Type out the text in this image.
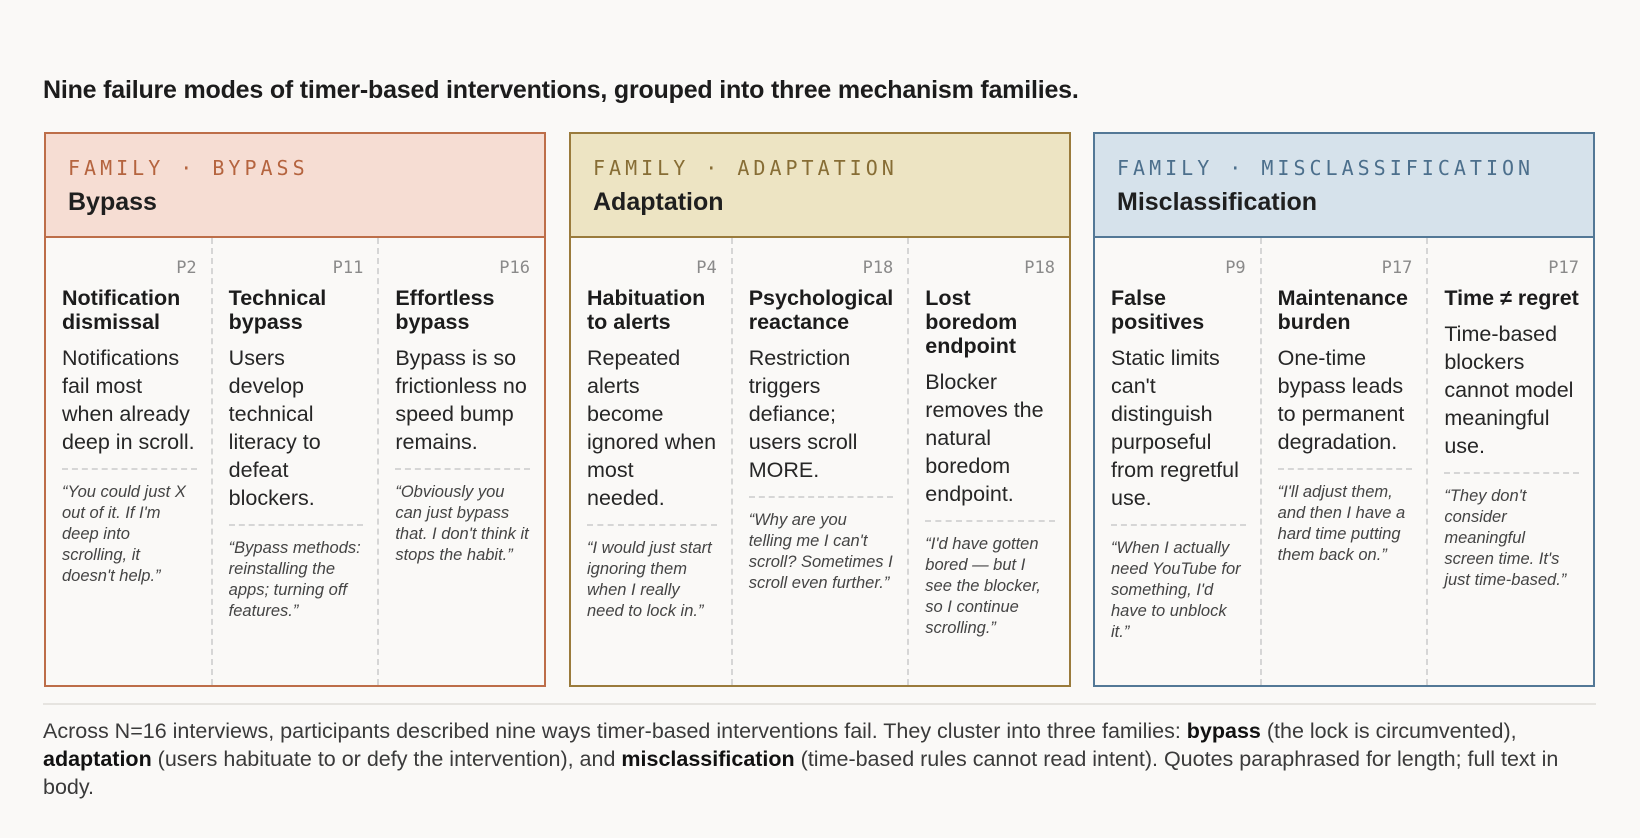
Nine failure modes of timer-based interventions, grouped into three mechanism families.
FAMILY · BYPASS
Bypass
P2
Notification dismissal
Notifications fail most when already deep in scroll.
“You could just X out of it. If I'm deep into scrolling, it doesn't help.”
P11
Technical bypass
Users develop technical literacy to defeat blockers.
“Bypass methods: reinstalling the apps; turning off features.”
P16
Effortless bypass
Bypass is so frictionless no speed bump remains.
“Obviously you can just bypass that. I don't think it stops the habit.”
FAMILY · ADAPTATION
Adaptation
P4
Habituation to alerts
Repeated alerts become ignored when most needed.
“I would just start ignoring them when I really need to lock in.”
P18
Psychological reactance
Restriction triggers defiance; users scroll MORE.
“Why are you telling me I can't scroll? Sometimes I scroll even further.”
P18
Lost boredom endpoint
Blocker removes the natural boredom endpoint.
“I'd have gotten bored — but I see the blocker, so I continue scrolling.”
FAMILY · MISCLASSIFICATION
Misclassification
P9
False positives
Static limits can't distinguish purposeful from regretful use.
“When I actually need YouTube for something, I'd have to unblock it.”
P17
Maintenance burden
One-time bypass leads to permanent degradation.
“I'll adjust them, and then I have a hard time putting them back on.”
P17
Time ≠ regret
Time-based blockers cannot model meaningful use.
“They don't consider meaningful screen time. It's just time-based.”
Across N=16 interviews, participants described nine ways timer-based interventions fail. They cluster into three families: bypass (the lock is circumvented), adaptation (users habituate to or defy the intervention), and misclassification (time-based rules cannot read intent). Quotes paraphrased for length; full text in body.
